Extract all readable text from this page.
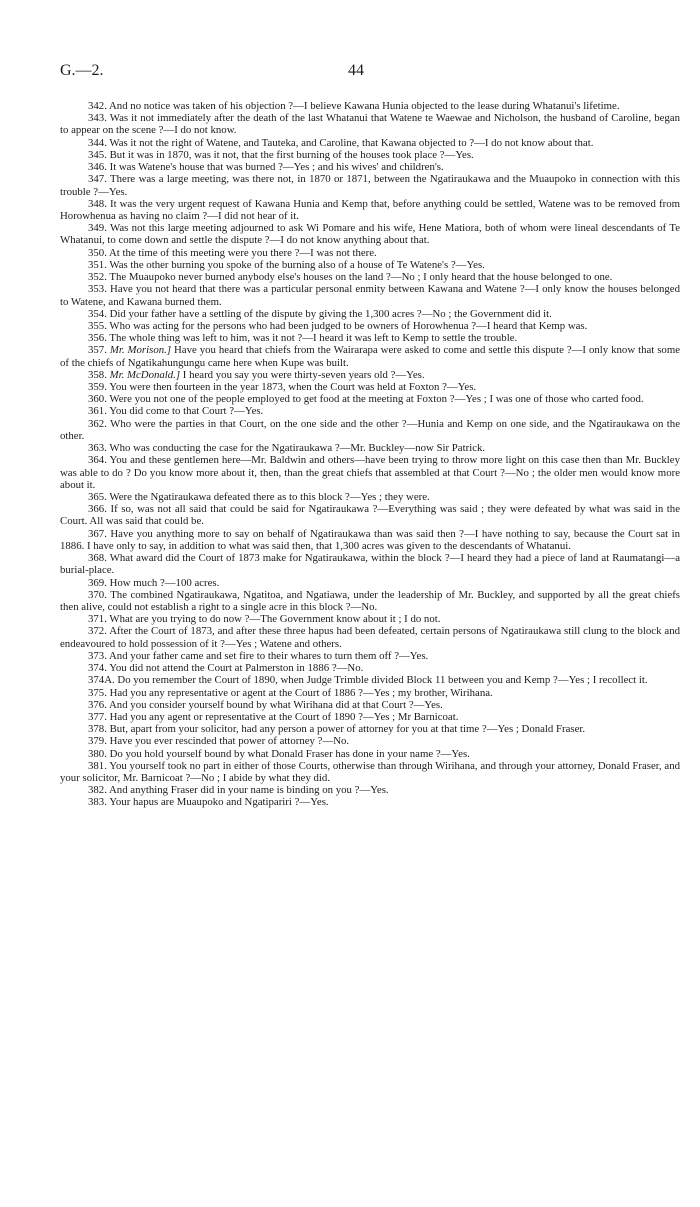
G.—2.	44

342. And no notice was taken of his objection ?—I believe Kawana Hunia objected to the lease during Whatanui's lifetime.

343. Was it not immediately after the death of the last Whatanui that Watene te Waewae and Nicholson, the husband of Caroline, began to appear on the scene ?—I do not know.

344. Was it not the right of Watene, and Tauteka, and Caroline, that Kawana objected to ?—I do not know about that.

345. But it was in 1870, was it not, that the first burning of the houses took place ?—Yes.

346. It was Watene's house that was burned ?—Yes ; and his wives' and children's.

347. There was a large meeting, was there not, in 1870 or 1871, between the Ngatiraukawa and the Muaupoko in connection with this trouble ?—Yes.

348. It was the very urgent request of Kawana Hunia and Kemp that, before anything could be settled, Watene was to be removed from Horowhenua as having no claim ?—I did not hear of it.

349. Was not this large meeting adjourned to ask Wi Pomare and his wife, Hene Matiora, both of whom were lineal descendants of Te Whatanui, to come down and settle the dispute ?—I do not know anything about that.

350. At the time of this meeting were you there ?—I was not there.

351. Was the other burning you spoke of the burning also of a house of Te Watene's ?—Yes.

352. The Muaupoko never burned anybody else's houses on the land ?—No ; I only heard that the house belonged to one.

353. Have you not heard that there was a particular personal enmity between Kawana and Watene ?—I only know the houses belonged to Watene, and Kawana burned them.

354. Did your father have a settling of the dispute by giving the 1,300 acres ?—No ; the Government did it.

355. Who was acting for the persons who had been judged to be owners of Horowhenua ?—I heard that Kemp was.

356. The whole thing was left to him, was it not ?—I heard it was left to Kemp to settle the trouble.

357. Mr. Morison.] Have you heard that chiefs from the Wairarapa were asked to come and settle this dispute ?—I only know that some of the chiefs of Ngatikahungungu came here when Kupe was built.

358. Mr. McDonald.] I heard you say you were thirty-seven years old ?—Yes.

359. You were then fourteen in the year 1873, when the Court was held at Foxton ?—Yes.

360. Were you not one of the people employed to get food at the meeting at Foxton ?—Yes ; I was one of those who carted food.

361. You did come to that Court ?—Yes.

362. Who were the parties in that Court, on the one side and the other ?—Hunia and Kemp on one side, and the Ngatiraukawa on the other.

363. Who was conducting the case for the Ngatiraukawa ?—Mr. Buckley—now Sir Patrick.

364. You and these gentlemen here—Mr. Baldwin and others—have been trying to throw more light on this case then than Mr. Buckley was able to do ? Do you know more about it, then, than the great chiefs that assembled at that Court ?—No ; the older men would know more about it.

365. Were the Ngatiraukawa defeated there as to this block ?—Yes ; they were.

366. If so, was not all said that could be said for Ngatiraukawa ?—Everything was said ; they were defeated by what was said in the Court. All was said that could be.

367. Have you anything more to say on behalf of Ngatiraukawa than was said then ?—I have nothing to say, because the Court sat in 1886. I have only to say, in addition to what was said then, that 1,300 acres was given to the descendants of Whatanui.

368. What award did the Court of 1873 make for Ngatiraukawa, within the block ?—I heard they had a piece of land at Raumatangi—a burial-place.

369. How much ?—100 acres.

370. The combined Ngatiraukawa, Ngatitoa, and Ngatiawa, under the leadership of Mr. Buckley, and supported by all the great chiefs then alive, could not establish a right to a single acre in this block ?—No.

371. What are you trying to do now ?—The Government know about it ; I do not.

372. After the Court of 1873, and after these three hapus had been defeated, certain persons of Ngatiraukawa still clung to the block and endeavoured to hold possession of it ?—Yes ; Watene and others.

373. And your father came and set fire to their whares to turn them off ?—Yes.

374. You did not attend the Court at Palmerston in 1886 ?—No.

374A. Do you remember the Court of 1890, when Judge Trimble divided Block 11 between you and Kemp ?—Yes ; I recollect it.

375. Had you any representative or agent at the Court of 1886 ?—Yes ; my brother, Wirihana.

376. And you consider yourself bound by what Wirihana did at that Court ?—Yes.

377. Had you any agent or representative at the Court of 1890 ?—Yes ; Mr Barnicoat.

378. But, apart from your solicitor, had any person a power of attorney for you at that time ?—Yes ; Donald Fraser.

379. Have you ever rescinded that power of attorney ?—No.

380. Do you hold yourself bound by what Donald Fraser has done in your name ?—Yes.

381. You yourself took no part in either of those Courts, otherwise than through Wirihana, and through your attorney, Donald Fraser, and your solicitor, Mr. Barnicoat ?—No ; I abide by what they did.

382. And anything Fraser did in your name is binding on you ?—Yes.

383. Your hapus are Muaupoko and Ngatipariri ?—Yes.
